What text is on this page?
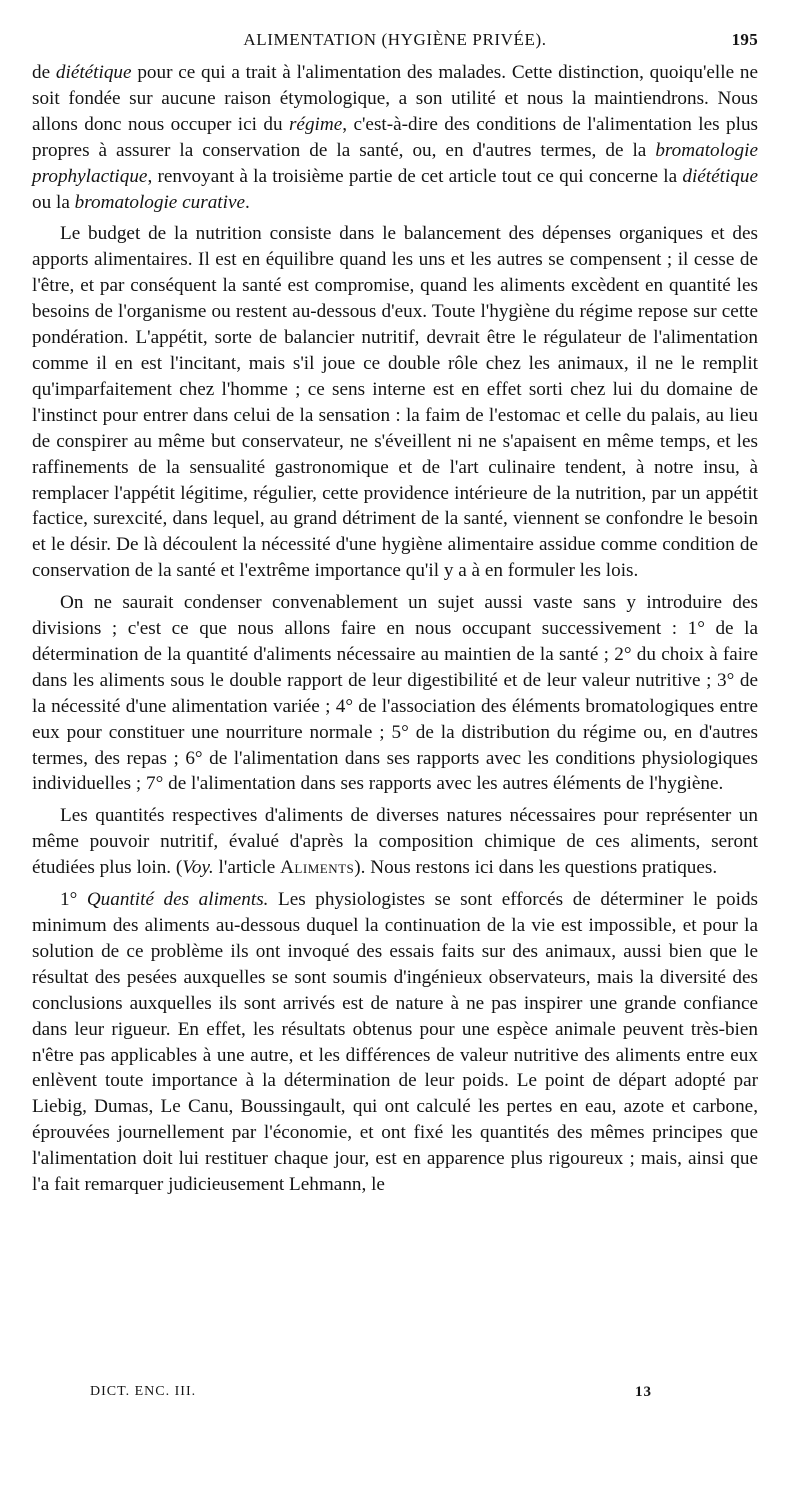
ALIMENTATION (HYGIÈNE PRIVÉE).	195

de diététique pour ce qui a trait à l'alimentation des malades. Cette distinction, quoiqu'elle ne soit fondée sur aucune raison étymologique, a son utilité et nous la maintiendrons. Nous allons donc nous occuper ici du régime, c'est-à-dire des conditions de l'alimentation les plus propres à assurer la conservation de la santé, ou, en d'autres termes, de la bromatologie prophylactique, renvoyant à la troisième partie de cet article tout ce qui concerne la diététique ou la bromatologie curative.

Le budget de la nutrition consiste dans le balancement des dépenses organiques et des apports alimentaires. Il est en équilibre quand les uns et les autres se compensent ; il cesse de l'être, et par conséquent la santé est compromise, quand les aliments excèdent en quantité les besoins de l'organisme ou restent au-dessous d'eux. Toute l'hygiène du régime repose sur cette pondération. L'appétit, sorte de balancier nutritif, devrait être le régulateur de l'alimentation comme il en est l'incitant, mais s'il joue ce double rôle chez les animaux, il ne le remplit qu'imparfaitement chez l'homme ; ce sens interne est en effet sorti chez lui du domaine de l'instinct pour entrer dans celui de la sensation : la faim de l'estomac et celle du palais, au lieu de conspirer au même but conservateur, ne s'éveillent ni ne s'apaisent en même temps, et les raffinements de la sensualité gastronomique et de l'art culinaire tendent, à notre insu, à remplacer l'appétit légitime, régulier, cette providence intérieure de la nutrition, par un appétit factice, surexcité, dans lequel, au grand détriment de la santé, viennent se confondre le besoin et le désir. De là découlent la nécessité d'une hygiène alimentaire assidue comme condition de conservation de la santé et l'extrême importance qu'il y a à en formuler les lois.

On ne saurait condenser convenablement un sujet aussi vaste sans y introduire des divisions ; c'est ce que nous allons faire en nous occupant successivement : 1° de la détermination de la quantité d'aliments nécessaire au maintien de la santé ; 2° du choix à faire dans les aliments sous le double rapport de leur digestibilité et de leur valeur nutritive ; 3° de la nécessité d'une alimentation variée ; 4° de l'association des éléments bromatologiques entre eux pour constituer une nourriture normale ; 5° de la distribution du régime ou, en d'autres termes, des repas ; 6° de l'alimentation dans ses rapports avec les conditions physiologiques individuelles ; 7° de l'alimentation dans ses rapports avec les autres éléments de l'hygiène.

Les quantités respectives d'aliments de diverses natures nécessaires pour représenter un même pouvoir nutritif, évalué d'après la composition chimique de ces aliments, seront étudiées plus loin. (Voy. l'article Aliments). Nous restons ici dans les questions pratiques.

1° Quantité des aliments. Les physiologistes se sont efforcés de déterminer le poids minimum des aliments au-dessous duquel la continuation de la vie est impossible, et pour la solution de ce problème ils ont invoqué des essais faits sur des animaux, aussi bien que le résultat des pesées auxquelles se sont soumis d'ingénieux observateurs, mais la diversité des conclusions auxquelles ils sont arrivés est de nature à ne pas inspirer une grande confiance dans leur rigueur. En effet, les résultats obtenus pour une espèce animale peuvent très-bien n'être pas applicables à une autre, et les différences de valeur nutritive des aliments entre eux enlèvent toute importance à la détermination de leur poids. Le point de départ adopté par Liebig, Dumas, Le Canu, Boussingault, qui ont calculé les pertes en eau, azote et carbone, éprouvées journellement par l'économie, et ont fixé les quantités des mêmes principes que l'alimentation doit lui restituer chaque jour, est en apparence plus rigoureux ; mais, ainsi que l'a fait remarquer judicieusement Lehmann, le

DICT. ENC. III.	13
